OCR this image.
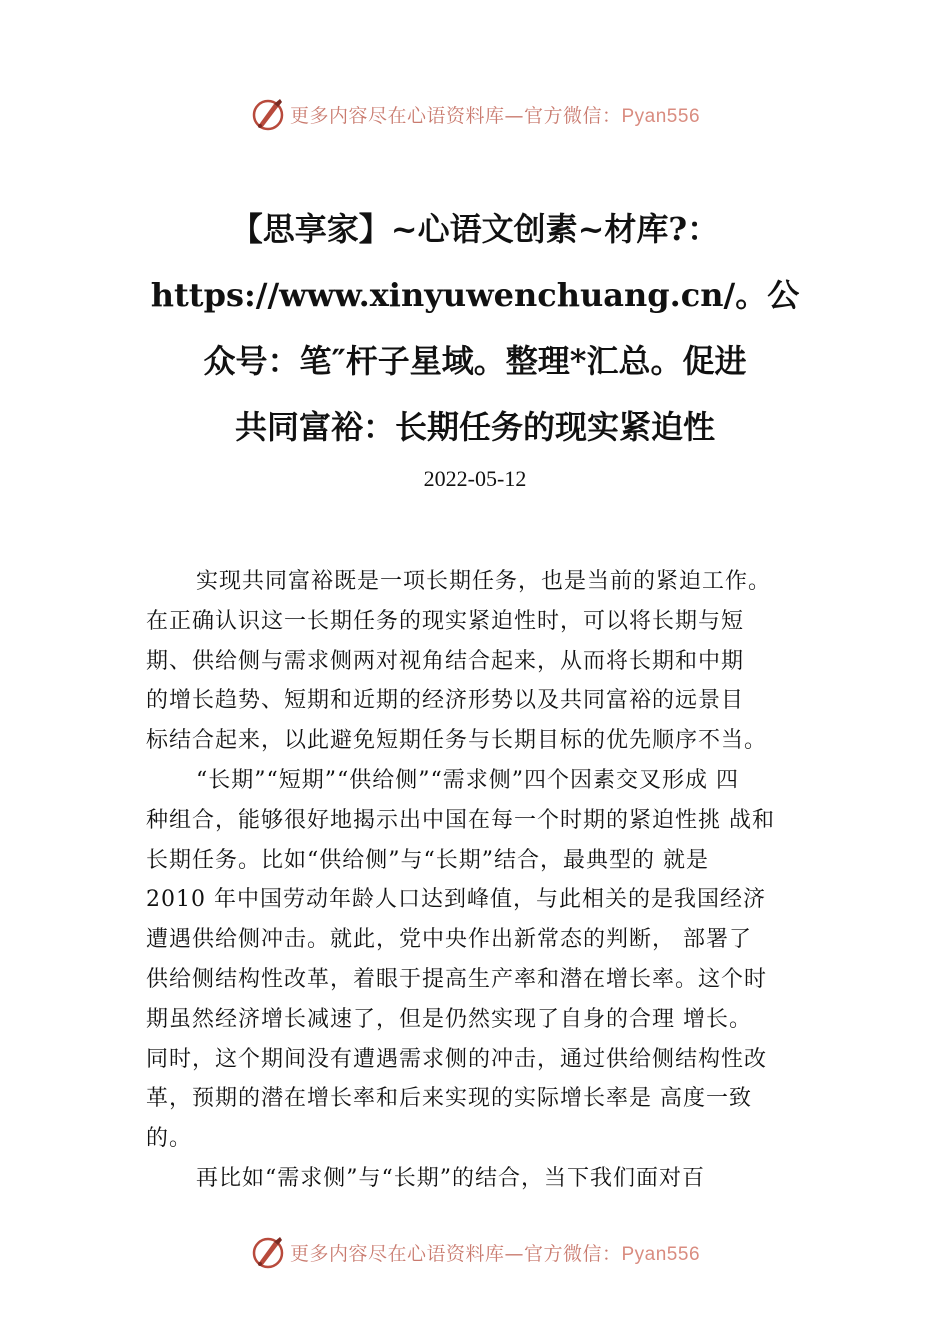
更多内容尽在心语资料库—官方微信：Pyan556
【思享家】~心语文创素~材库?：
https://www.xinyuwenchuang.cn/。公
众号：笔″杆子星域。整理*汇总。促进
共同富裕：长期任务的现实紧迫性
2022-05-12

实现共同富裕既是一项长期任务，也是当前的紧迫工作。
在正确认识这一长期任务的现实紧迫性时，可以将长期与短
期、供给侧与需求侧两对视角结合起来，从而将长期和中期
的增长趋势、短期和近期的经济形势以及共同富裕的远景目
标结合起来，以此避免短期任务与长期目标的优先顺序不当。

“长期”“短期”“供给侧”“需求侧”四个因素交叉形成 四
种组合，能够很好地揭示出中国在每一个时期的紧迫性挑 战和
长期任务。比如“供给侧”与“长期”结合，最典型的 就是
2010 年中国劳动年龄人口达到峰值，与此相关的是我国经济
遭遇供给侧冲击。就此，党中央作出新常态的判断， 部署了
供给侧结构性改革，着眼于提高生产率和潜在增长率。这个时
期虽然经济增长减速了，但是仍然实现了自身的合理 增长。
同时，这个期间没有遭遇需求侧的冲击，通过供给侧结构性改
革，预期的潜在增长率和后来实现的实际增长率是 高度一致
的。

再比如“需求侧”与“长期”的结合，当下我们面对百

更多内容尽在心语资料库—官方微信：Pyan556
